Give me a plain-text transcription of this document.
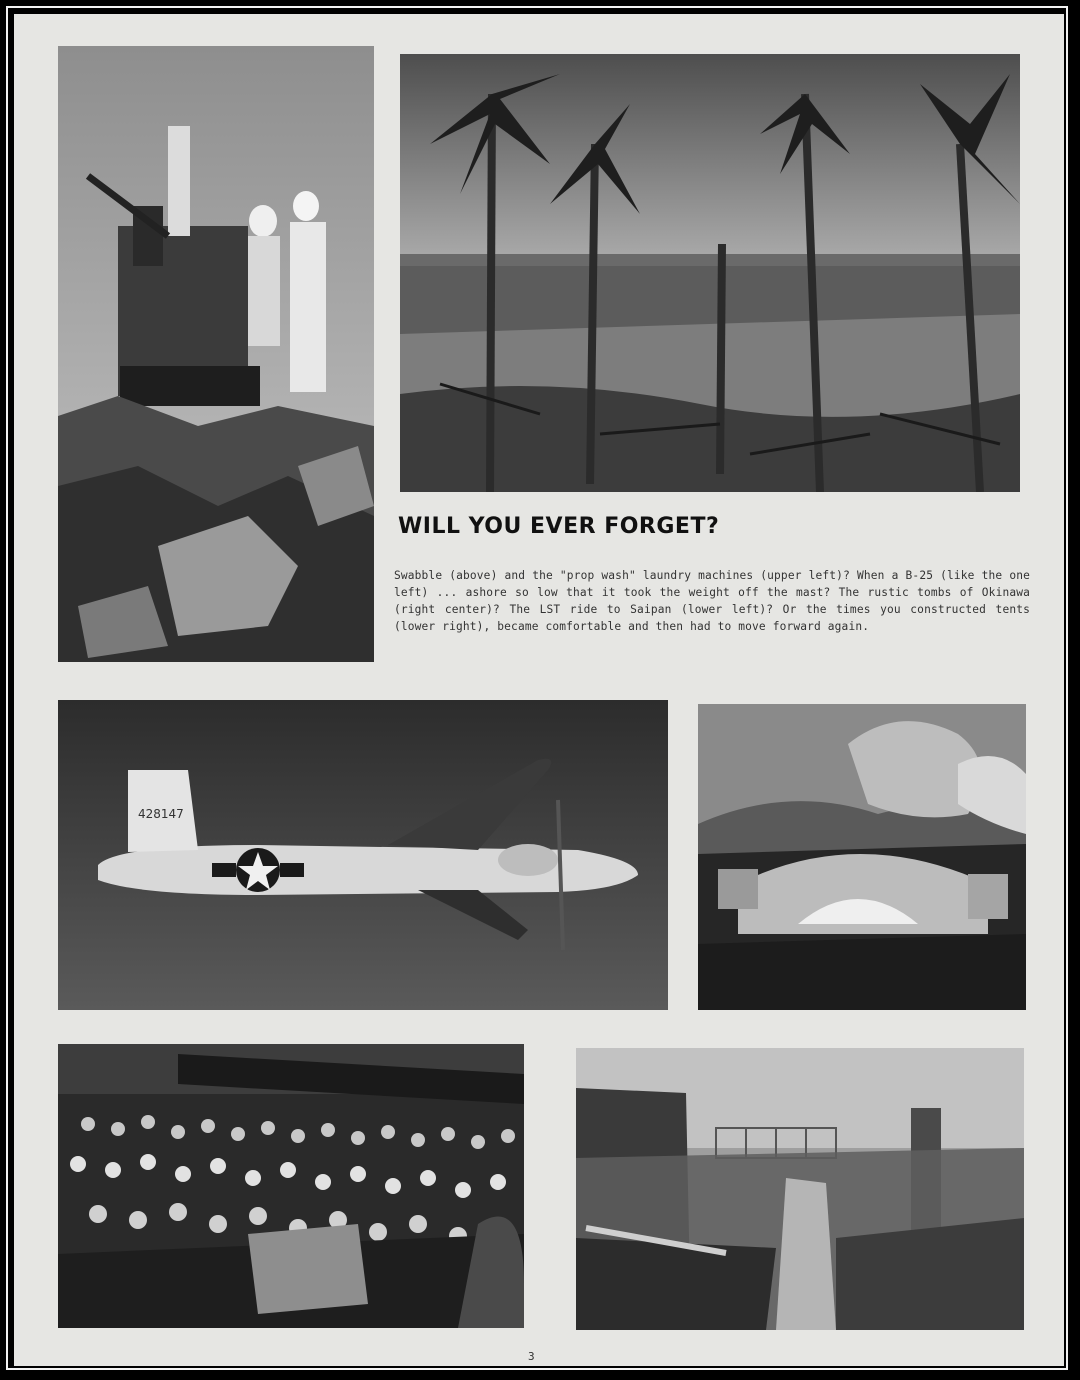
WILL YOU EVER FORGET?

Swabble (above) and the "prop wash" laundry machines (upper left)? When a B-25 (like the one left) ... ashore so low that it took the weight off the mast? The rustic tombs of Okinawa (right center)? The LST ride to Saipan (lower left)? Or the times you constructed tents (lower right), became comfortable and then had to move forward again.

428147
3
